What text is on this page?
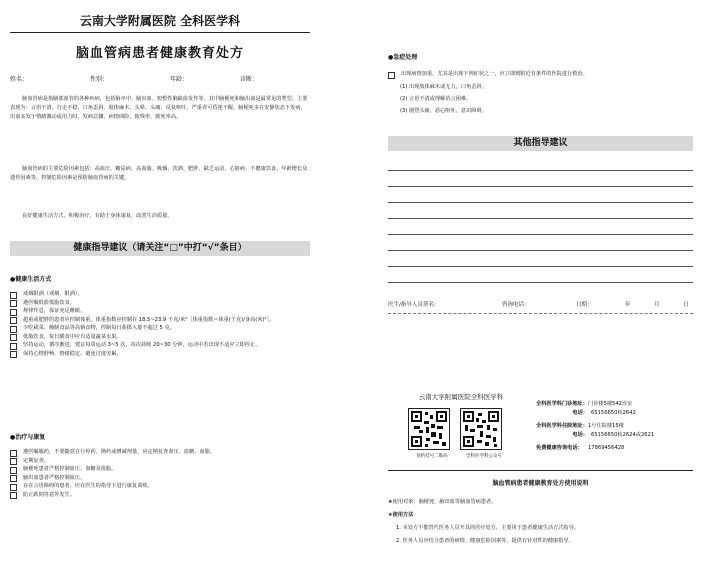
云南大学附属医院 全科医学科
脑血管病患者健康教育处方
姓名：	性别：	年龄：	诊断：
脑血管病是指脑部血管的各种疾病，包括脑卒中、脑出血、短暂性脑缺血发作等。其中脑梗死和脑出血是最常见的类型，主要表现为：言语不清、行走不稳、口角歪斜、肢体麻木、头晕、头痛、反复呕吐、严重者可昏迷不醒。脑梗死多在安静状态下发病，出血多发于情绪激动或用力时，发病急骤，病情凶险，致残率、致死率高。
脑血管病的主要危险因素包括：高血压、糖尿病、高血脂、吸烟、饮酒、肥胖、缺乏运动、心脏病、不健康饮食、年龄增长及遗传因素等，控制危险因素是预防脑血管病的关键。
良好健康生活方式，积极治疗，有助于身体康复，改善生活质量。
健康指导建议（请关注“□”中打“√”条目）
●健康生活方式
戒烟限酒（戒烟、限酒）。
遵医嘱低盐低脂饮食。
规律作息，保证充足睡眠。
超重或肥胖的患者应控制体重。体重指数应控制在 18.5~23.9 千克/米²［体重指数＝体重(千克)/身高(米)²］。
少吃咸菜、腌制食品等高钠食物，控制每日盐摄入量不超过 5 克。
低脂饮食，每日膳食中应有适量蔬菜水果。
坚持运动，循序渐进，建议每周运动 3~5 次，每次持续 20~30 分钟，运动中若出现不适应立即停止。
保持心情舒畅，情绪稳定，避免过度劳累。
●治疗与康复
遵医嘱服药，不要随意自行停药、换药或增减剂量，应定期复查血压、血糖、血脂。
定期复查。
脑梗死患者严格控制血压、血糖及血脂。
脑出血患者严格控制血压。
存在言语障碍的患者，应在医生的指导下进行康复训练。
防止跌倒等意外发生。
●急症处理
出现病情加重，尤其是出现下列症状之一，应立即到附近有条件的医院进行救治。
(1) 出现肢体麻木或无力，口角歪斜。
(2) 言语不清或理解语言困难。
(3) 剧烈头痛，恶心呕吐，意识障碍。
其他指导建议
医生/指导人员签名：	咨询电话：	日期：	年	月	日
云南大学附属医院全科医学科
预约挂号二维码	全科医学科公众号
全科医学科门诊地址： 门诊楼5楼542诊室
电话： 65156650转2642
全科医学科住院地址： 1号住院楼15楼
电话： 65156650转2624或2621
免费健康咨询电话：	17869456428
脑血管病患者健康教育处方使用说明
★使用对象：脑梗死、脑出血等脑血管病患者。
★使用方法
1. 本处方不能替代医务人员开具的医疗处方，主要用于患者健康生活方式指导。
2. 医务人员应结合患者的病情、健康危险因素等，提供有针对性的健康指导。
